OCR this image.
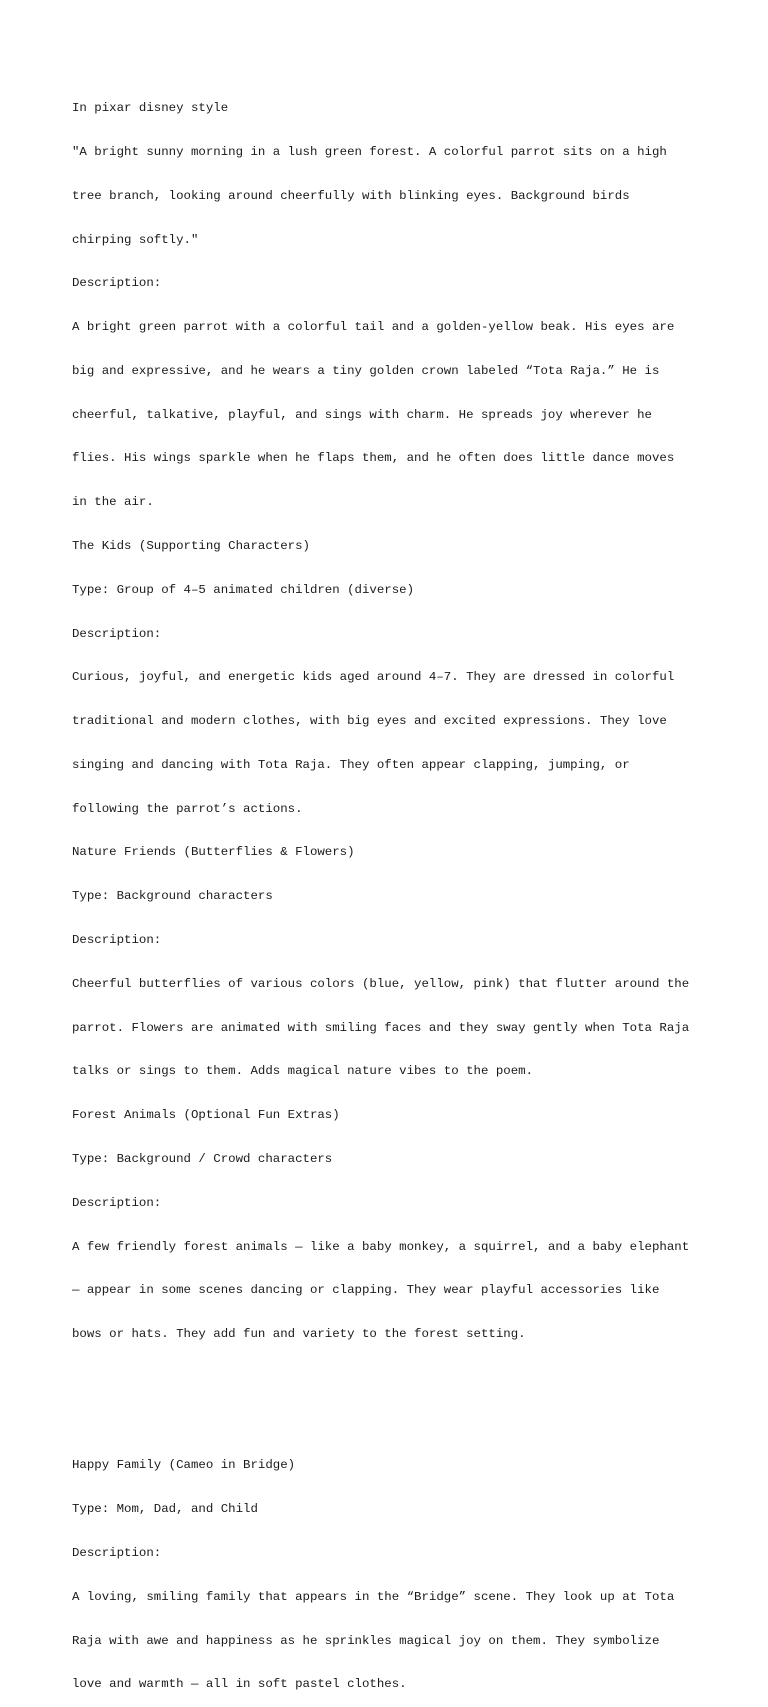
In pixar disney style

"A bright sunny morning in a lush green forest. A colorful parrot sits on a high

tree branch, looking around cheerfully with blinking eyes. Background birds

chirping softly."

Description:

A bright green parrot with a colorful tail and a golden-yellow beak. His eyes are

big and expressive, and he wears a tiny golden crown labeled “Tota Raja.” He is

cheerful, talkative, playful, and sings with charm. He spreads joy wherever he

flies. His wings sparkle when he flaps them, and he often does little dance moves

in the air.

The Kids (Supporting Characters)

Type: Group of 4–5 animated children (diverse)

Description:

Curious, joyful, and energetic kids aged around 4–7. They are dressed in colorful

traditional and modern clothes, with big eyes and excited expressions. They love

singing and dancing with Tota Raja. They often appear clapping, jumping, or

following the parrot’s actions.

Nature Friends (Butterflies & Flowers)

Type: Background characters

Description:

Cheerful butterflies of various colors (blue, yellow, pink) that flutter around the

parrot. Flowers are animated with smiling faces and they sway gently when Tota Raja

talks or sings to them. Adds magical nature vibes to the poem.

Forest Animals (Optional Fun Extras)

Type: Background / Crowd characters

Description:

A few friendly forest animals — like a baby monkey, a squirrel, and a baby elephant

— appear in some scenes dancing or clapping. They wear playful accessories like

bows or hats. They add fun and variety to the forest setting.

Happy Family (Cameo in Bridge)

Type: Mom, Dad, and Child

Description:

A loving, smiling family that appears in the “Bridge” scene. They look up at Tota

Raja with awe and happiness as he sprinkles magical joy on them. They symbolize

love and warmth — all in soft pastel clothes.
